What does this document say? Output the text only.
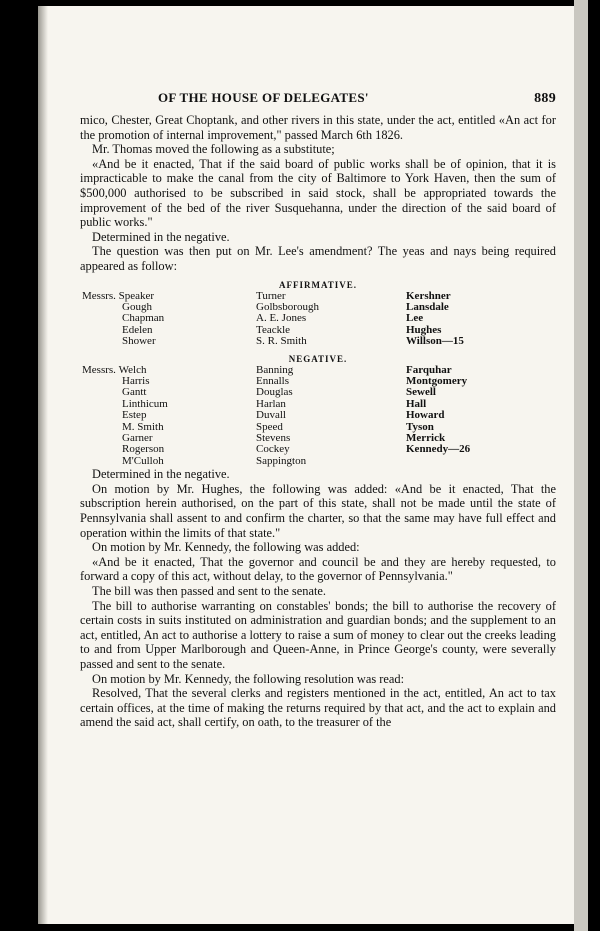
OF THE HOUSE OF DELEGATES'	889

mico, Chester, Great Choptank, and other rivers in this state, under the act, entitled «An act for the promotion of internal improvement," passed March 6th 1826.

Mr. Thomas moved the following as a substitute;

«And be it enacted, That if the said board of public works shall be of opinion, that it is impracticable to make the canal from the city of Baltimore to York Haven, then the sum of $500,000 authorised to be subscribed in said stock, shall be appropriated towards the improvement of the bed of the river Susquehanna, under the direction of the said board of public works."

Determined in the negative.

The question was then put on Mr. Lee's amendment? The yeas and nays being required appeared as follow:

AFFIRMATIVE.
Messrs. Speaker
Gough
Chapman
Edelen
Shower
Turner
Golbsborough
A. E. Jones
Teackle
S. R. Smith
Kershner
Lansdale
Lee
Hughes
Willson—15
NEGATIVE.
Messrs. Welch
Harris
Gantt
Linthicum
Estep
M. Smith
Garner
Rogerson
M'Culloh
Banning
Ennalls
Douglas
Harlan
Duvall
Speed
Stevens
Cockey
Sappington
Farquhar
Montgomery
Sewell
Hall
Howard
Tyson
Merrick
Kennedy—26

Determined in the negative.

On motion by Mr. Hughes, the following was added: «And be it enacted, That the subscription herein authorised, on the part of this state, shall not be made until the state of Pennsylvania shall assent to and confirm the charter, so that the same may have full effect and operation within the limits of that state."

On motion by Mr. Kennedy, the following was added:

«And be it enacted, That the governor and council be and they are hereby requested, to forward a copy of this act, without delay, to the governor of Pennsylvania."

The bill was then passed and sent to the senate.

The bill to authorise warranting on constables' bonds; the bill to authorise the recovery of certain costs in suits instituted on administration and guardian bonds; and the supplement to an act, entitled, An act to authorise a lottery to raise a sum of money to clear out the creeks leading to and from Upper Marlborough and Queen-Anne, in Prince George's county, were severally passed and sent to the senate.

On motion by Mr. Kennedy, the following resolution was read:

Resolved, That the several clerks and registers mentioned in the act, entitled, An act to tax certain offices, at the time of making the returns required by that act, and the act to explain and amend the said act, shall certify, on oath, to the treasurer of the
